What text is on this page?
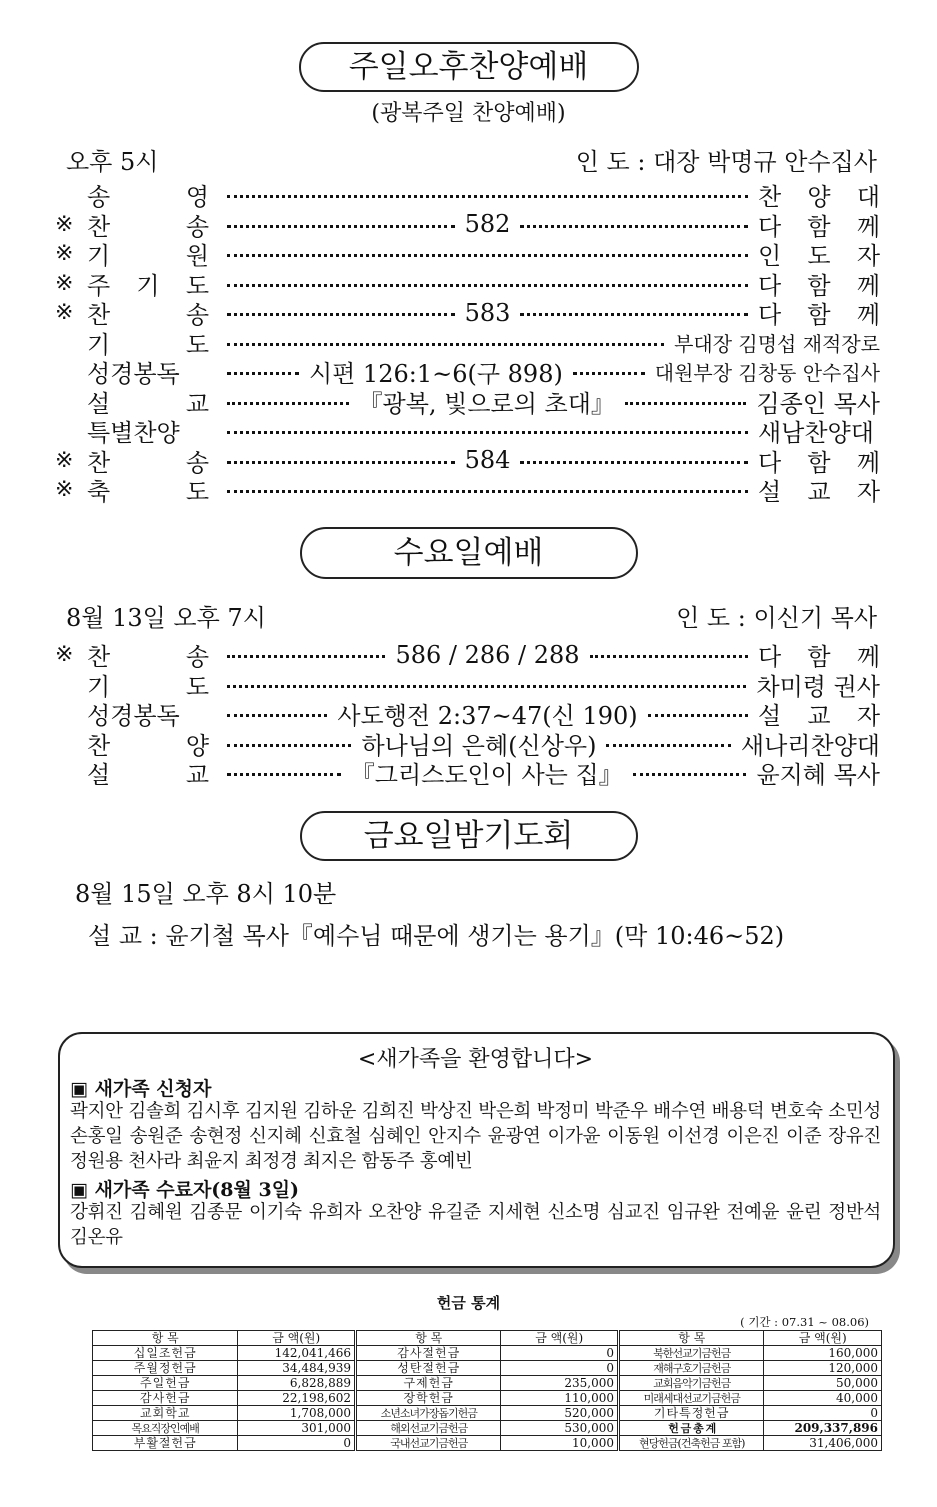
주일오후찬양예배
(광복주일 찬양예배)
오후 5시	인 도 : 대장 박명규 안수집사
송	영	찬 양 대
※ 찬	송	582	다 함 께
※ 기	원	인 도 자
※ 주 기 도	다 함 께
※ 찬	송	583	다 함 께
기	도	부대장 김명섭 재적장로
성경봉독	시편 126:1~6(구 898)	대원부장 김창동 안수집사
설	교	『광복, 빛으로의 초대』	김종인 목사
특별찬양	새남찬양대
※ 찬	송	584	다 함 께
※ 축	도	설 교 자
수요일예배
8월 13일 오후 7시	인 도 : 이신기 목사
※ 찬	송	586 / 286 / 288	다 함 께
기	도	차미령 권사
성경봉독	사도행전 2:37~47(신 190)	설 교 자
찬	양	하나님의 은혜(신상우)	새나리찬양대
설	교	『그리스도인이 사는 집』	윤지혜 목사
금요일밤기도회
8월 15일 오후 8시 10분
설 교 : 윤기철 목사『예수님 때문에 생기는 용기』(막 10:46~52)
<새가족을 환영합니다>
▣ 새가족 신청자
곽지안 김솔희 김시후 김지원 김하운 김희진 박상진 박은희 박정미 박준우 배수연 배용덕 변호숙 소민성 손홍일 송원준 송현정 신지혜 신효철 심혜인 안지수 윤광연 이가윤 이동원 이선경 이은진 이준 장유진 정원용 천사라 최윤지 최정경 최지은 함동주 홍예빈
▣ 새가족 수료자(8월 3일)
강휘진 김혜원 김종문 이기숙 유희자 오찬양 유길준 지세현 신소명 심교진 임규완 전예윤 윤린 정반석 김온유
헌금 통계
( 기간 : 07.31 ~ 08.06)
항 목	금 액(원)	항 목	금 액(원)	항 목	금 액(원)
십일조헌금	142,041,466	감사절헌금	0	북한선교기금헌금	160,000
주월정헌금	34,484,939	성탄절헌금	0	재해구호기금헌금	120,000
주일헌금	6,828,889	구제헌금	235,000	교회음악기금헌금	50,000
감사헌금	22,198,602	장학헌금	110,000	미래세대선교기금헌금	40,000
교회학교	1,708,000	소년소녀가장돕기헌금	520,000	기타특정헌금	0
목요직장인예배	301,000	해외선교기금헌금	530,000	헌 금 총 계	209,337,896
부활절헌금	0	국내선교기금헌금	10,000	현당헌금(건축헌금 포함)	31,406,000
